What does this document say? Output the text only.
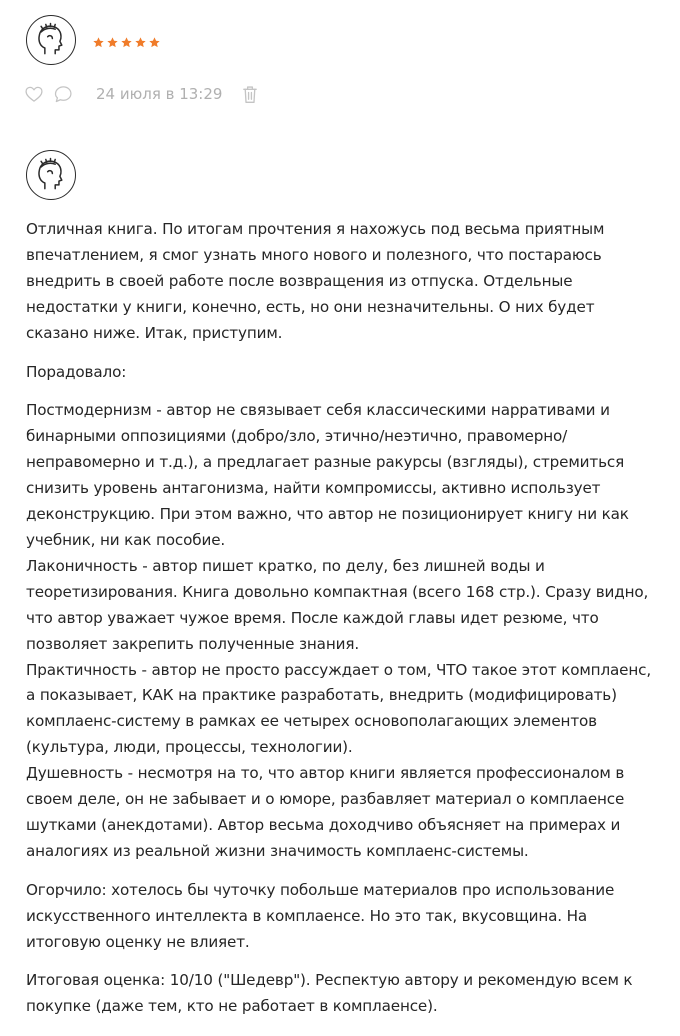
24 июля в 13:29

Отличная книга. По итогам прочтения я нахожусь под весьма приятным впечатлением, я смог узнать много нового и полезного, что постараюсь внедрить в своей работе после возвращения из отпуска. Отдельные недостатки у книги, конечно, есть, но они незначительны. О них будет сказано ниже. Итак, приступим.

Порадовало:

Постмодернизм - автор не связывает себя классическими нарративами и бинарными оппозициями (добро/зло, этично/неэтично, правомерно/ неправомерно и т.д.), а предлагает разные ракурсы (взгляды), стремиться снизить уровень антагонизма, найти компромиссы, активно использует деконструкцию. При этом важно, что автор не позиционирует книгу ни как учебник, ни как пособие.
Лаконичность - автор пишет кратко, по делу, без лишней воды и теоретизирования. Книга довольно компактная (всего 168 стр.). Сразу видно, что автор уважает чужое время. После каждой главы идет резюме, что позволяет закрепить полученные знания.
Практичность - автор не просто рассуждает о том, ЧТО такое этот комплаенс, а показывает, КАК на практике разработать, внедрить (модифицировать) комплаенс-систему в рамках ее четырех основополагающих элементов (культура, люди, процессы, технологии).
Душевность - несмотря на то, что автор книги является профессионалом в своем деле, он не забывает и о юморе, разбавляет материал о комплаенсе шутками (анекдотами). Автор весьма доходчиво объясняет на примерах и аналогиях из реальной жизни значимость комплаенс-системы.

Огорчило: хотелось бы чуточку побольше материалов про использование искусственного интеллекта в комплаенсе. Но это так, вкусовщина. На итоговую оценку не влияет.

Итоговая оценка: 10/10 ("Шедевр"). Респектую автору и рекомендую всем к покупке (даже тем, кто не работает в комплаенсе).
